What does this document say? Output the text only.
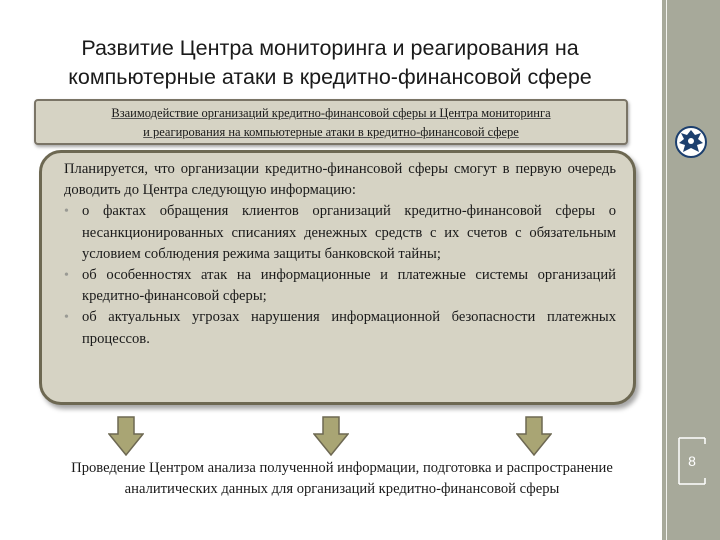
8
Развитие Центра мониторинга и реагирования на
компьютерные атаки в кредитно-финансовой сфере
Взаимодействие организаций кредитно-финансовой сферы и Центра мониторинга
и реагирования на компьютерные атаки в кредитно-финансовой сфере

Планируется, что организации кредитно-финансовой сферы смогут в первую очередь доводить до Центра следующую информацию:

• о фактах обращения клиентов организаций кредитно-финансовой сферы о несанкционированных списаниях денежных средств с их счетов с обязательным условием соблюдения режима защиты банковской тайны;
• об особенностях атак на информационные и платежные системы организаций кредитно-финансовой сферы;
• об актуальных угрозах нарушения информационной безопасности платежных процессов.
Проведение Центром анализа полученной информации, подготовка и распространение аналитических данных для организаций кредитно-финансовой сферы
